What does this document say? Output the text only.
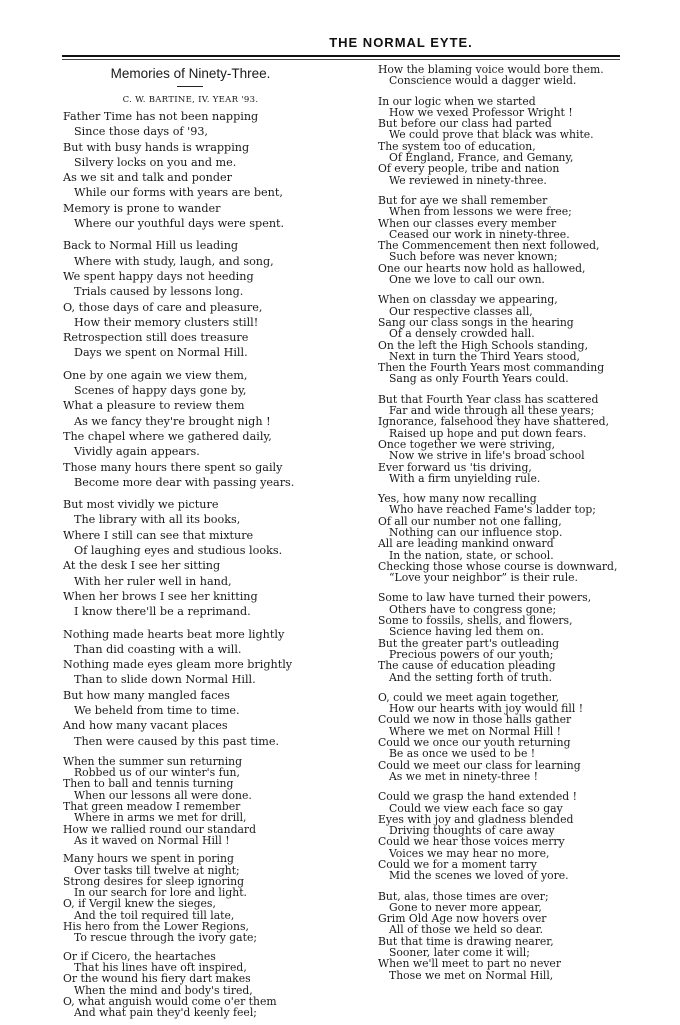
THE NORMAL EYTE.
Memories of Ninety-Three.
C. W. BARTINE, IV. YEAR '93.
Father Time has not been napping
Since those days of '93,
But with busy hands is wrapping
Silvery locks on you and me.
As we sit and talk and ponder
While our forms with years are bent,
Memory is prone to wander
Where our youthful days were spent.
Back to Normal Hill us leading
Where with study, laugh, and song,
We spent happy days not heeding
Trials caused by lessons long.
O, those days of care and pleasure,
How their memory clusters still!
Retrospection still does treasure
Days we spent on Normal Hill.
One by one again we view them,
Scenes of happy days gone by,
What a pleasure to review them
As we fancy they're brought nigh !
The chapel where we gathered daily,
Vividly again appears.
Those many hours there spent so gaily
Become more dear with passing years.
But most vividly we picture
The library with all its books,
Where I still can see that mixture
Of laughing eyes and studious looks.
At the desk I see her sitting
With her ruler well in hand,
When her brows I see her knitting
I know there'll be a reprimand.
Nothing made hearts beat more lightly
Than did coasting with a will.
Nothing made eyes gleam more brightly
Than to slide down Normal Hill.
But how many mangled faces
We beheld from time to time.
And how many vacant places
Then were caused by this past time.
When the summer sun returning
Robbed us of our winter's fun,
Then to ball and tennis turning
When our lessons all were done.
That green meadow I remember
Where in arms we met for drill,
How we rallied round our standard
As it waved on Normal Hill !
Many hours we spent in poring
Over tasks till twelve at night;
Strong desires for sleep ignoring
In our search for lore and light.
O, if Vergil knew the sieges,
And the toil required till late,
His hero from the Lower Regions,
To rescue through the ivory gate;
Or if Cicero, the heartaches
That his lines have oft inspired,
Or the wound his fiery dart makes
When the mind and body's tired,
O, what anguish would come o'er them
And what pain they'd keenly feel;
How the blaming voice would bore them.
Conscience would a dagger wield.
In our logic when we started
How we vexed Professor Wright !
But before our class had parted
We could prove that black was white.
The system too of education,
Of England, France, and Gemany,
Of every people, tribe and nation
We reviewed in ninety-three.
But for aye we shall remember
When from lessons we were free;
When our classes every member
Ceased our work in ninety-three.
The Commencement then next followed,
Such before was never known;
One our hearts now hold as hallowed,
One we love to call our own.
When on classday we appearing,
Our respective classes all,
Sang our class songs in the hearing
Of a densely crowded hall.
On the left the High Schools standing,
Next in turn the Third Years stood,
Then the Fourth Years most commanding
Sang as only Fourth Years could.
But that Fourth Year class has scattered
Far and wide through all these years;
Ignorance, falsehood they have shattered,
Raised up hope and put down fears.
Once together we were striving,
Now we strive in life's broad school
Ever forward us 'tis driving,
With a firm unyielding rule.
Yes, how many now recalling
Who have reached Fame's ladder top;
Of all our number not one falling,
Nothing can our influence stop.
All are leading mankind onward
In the nation, state, or school.
Checking those whose course is downward,
“Love your neighbor” is their rule.
Some to law have turned their powers,
Others have to congress gone;
Some to fossils, shells, and flowers,
Science having led them on.
But the greater part's outleading
Precious powers of our youth;
The cause of education pleading
And the setting forth of truth.
O, could we meet again together,
How our hearts with joy would fill !
Could we now in those halls gather
Where we met on Normal Hill !
Could we once our youth returning
Be as once we used to be !
Could we meet our class for learning
As we met in ninety-three !
Could we grasp the hand extended !
Could we view each face so gay
Eyes with joy and gladness blended
Driving thoughts of care away
Could we hear those voices merry
Voices we may hear no more,
Could we for a moment tarry
Mid the scenes we loved of yore.
But, alas, those times are over;
Gone to never more appear,
Grim Old Age now hovers over
All of those we held so dear.
But that time is drawing nearer,
Sooner, later come it will;
When we'll meet to part no never
Those we met on Normal Hill,
